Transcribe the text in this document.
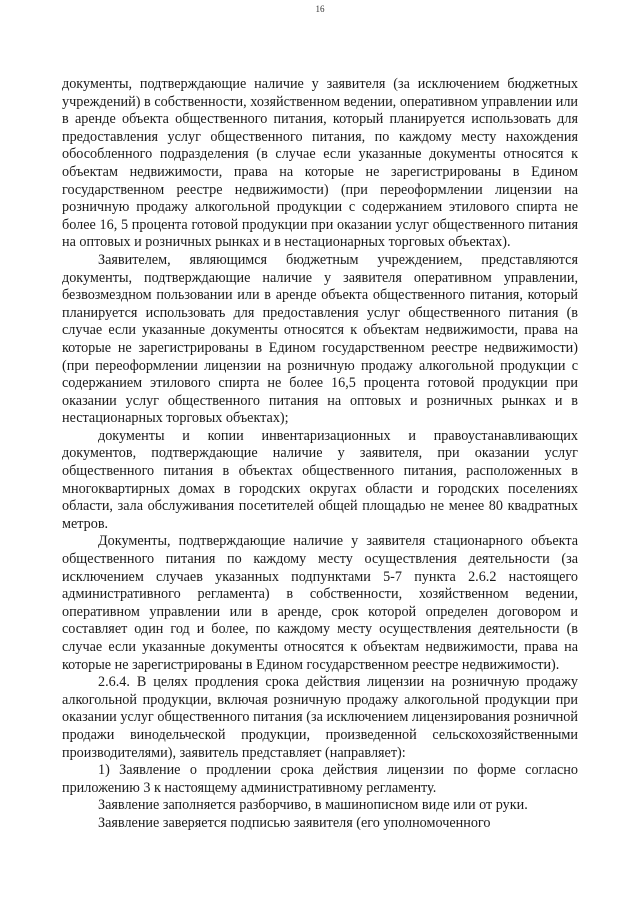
16

документы, подтверждающие наличие у заявителя (за исключением бюджетных учреждений) в собственности, хозяйственном ведении, оперативном управлении или в аренде объекта общественного питания, который планируется использовать для предоставления услуг общественного питания, по каждому месту нахождения обособленного подразделения (в случае если указанные документы относятся к объектам недвижимости, права на которые не зарегистрированы в Едином государственном реестре недвижимости) (при переоформлении лицензии на розничную продажу алкогольной продукции с содержанием этилового спирта не более 16, 5 процента готовой продукции при оказании услуг общественного питания на оптовых и розничных рынках и в нестационарных торговых объектах).

Заявителем, являющимся бюджетным учреждением, представляются документы, подтверждающие наличие у заявителя оперативном управлении, безвозмездном пользовании или в аренде объекта общественного питания, который планируется использовать для предоставления услуг общественного питания (в случае если указанные документы относятся к объектам недвижимости, права на которые не зарегистрированы в Едином государственном реестре недвижимости) (при переоформлении лицензии на розничную продажу алкогольной продукции с содержанием этилового спирта не более 16,5 процента готовой продукции при оказании услуг общественного питания на оптовых и розничных рынках и в нестационарных торговых объектах);

документы и копии инвентаризационных и правоустанавливающих документов, подтверждающие наличие у заявителя, при оказании услуг общественного питания в объектах общественного питания, расположенных в многоквартирных домах в городских округах области и городских поселениях области, зала обслуживания посетителей общей площадью не менее 80 квадратных метров.

Документы, подтверждающие наличие у заявителя стационарного объекта общественного питания по каждому месту осуществления деятельности (за исключением случаев указанных подпунктами 5-7 пункта 2.6.2 настоящего административного регламента) в собственности, хозяйственном ведении, оперативном управлении или в аренде, срок которой определен договором и составляет один год и более, по каждому месту осуществления деятельности (в случае если указанные документы относятся к объектам недвижимости, права на которые не зарегистрированы в Едином государственном реестре недвижимости).

2.6.4. В целях продления срока действия лицензии на розничную продажу алкогольной продукции, включая розничную продажу алкогольной продукции при оказании услуг общественного питания (за исключением лицензирования розничной продажи винодельческой продукции, произведенной сельскохозяйственными производителями), заявитель представляет (направляет):

1) Заявление о продлении срока действия лицензии по форме согласно приложению 3 к настоящему административному регламенту.

Заявление заполняется разборчиво, в машинописном виде или от руки.

Заявление заверяется подписью заявителя (его уполномоченного
